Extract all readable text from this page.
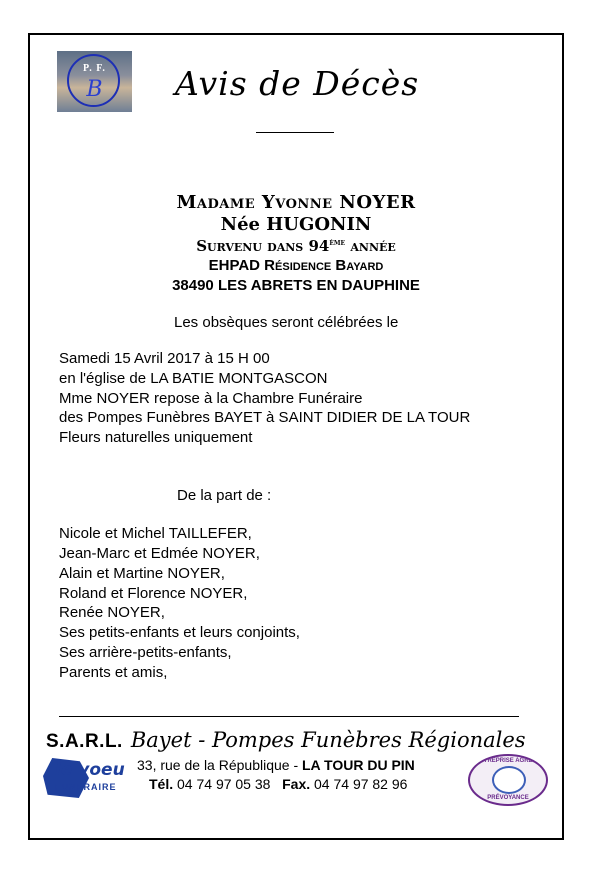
P. F.
B	Avis de Décès
Madame Yvonne NOYER
Née HUGONIN
Survenu dans 94ème année
EHPAD Résidence Bayard
38490 LES ABRETS EN DAUPHINE
Les obsèques seront célébrées le
Samedi 15 Avril 2017 à 15 H 00
en l'église de LA BATIE MONTGASCON
Mme NOYER repose à la Chambre Funéraire
des Pompes Funèbres BAYET à SAINT DIDIER DE LA TOUR
Fleurs naturelles uniquement
De la part de :
Nicole et Michel TAILLEFER,
Jean-Marc et Edmée NOYER,
Alain et Martine NOYER,
Roland et Florence NOYER,
Renée NOYER,
Ses petits-enfants et leurs conjoints,
Ses arrière-petits-enfants,
Parents et amis,
S.A.R.L. Bayet - Pompes Funèbres Régionales
le voeu
FUNERAIRE
33, rue de la République - LA TOUR DU PIN
Tél. 04 74 97 05 38 Fax. 04 74 97 82 96
ENTREPRISE AGRÉÉE
PRÉVOYANCE
